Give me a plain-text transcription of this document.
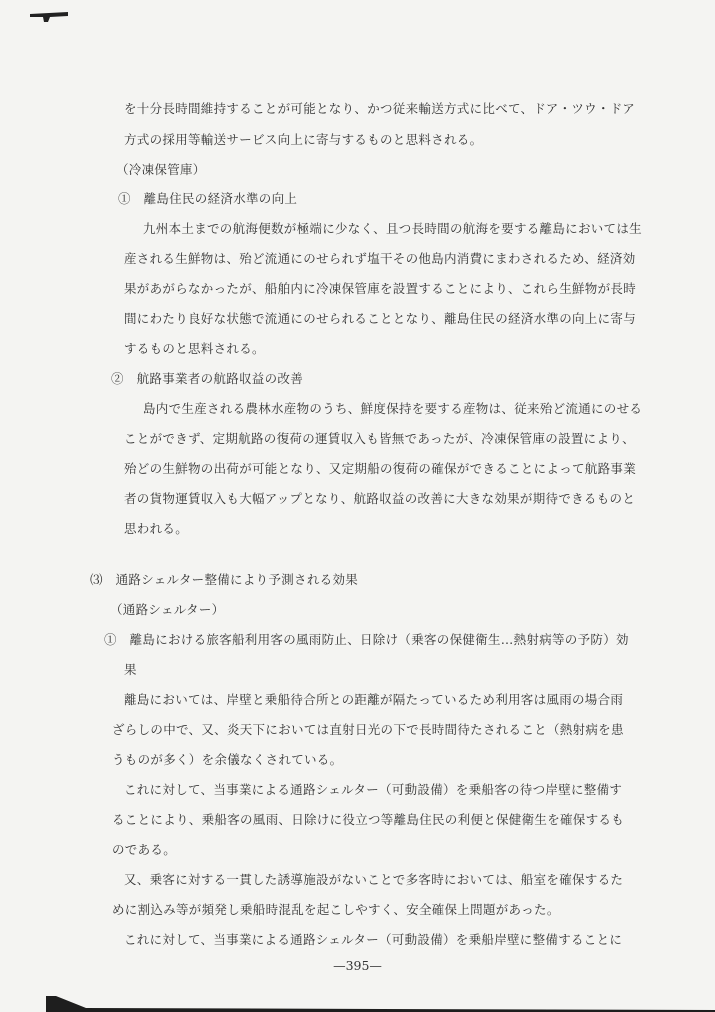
を十分長時間維持することが可能となり、かつ従来輸送方式に比べて、ドア・ツウ・ドア
方式の採用等輸送サービス向上に寄与するものと思料される。
（冷凍保管庫）
①　離島住民の経済水準の向上
九州本土までの航海便数が極端に少なく、且つ長時間の航海を要する離島においては生
産される生鮮物は、殆ど流通にのせられず塩干その他島内消費にまわされるため、経済効
果があがらなかったが、船舶内に冷凍保管庫を設置することにより、これら生鮮物が長時
間にわたり良好な状態で流通にのせられることとなり、離島住民の経済水準の向上に寄与
するものと思料される。
②　航路事業者の航路収益の改善
島内で生産される農林水産物のうち、鮮度保持を要する産物は、従来殆ど流通にのせる
ことができず、定期航路の復荷の運賃収入も皆無であったが、冷凍保管庫の設置により、
殆どの生鮮物の出荷が可能となり、又定期船の復荷の確保ができることによって航路事業
者の貨物運賃収入も大幅アップとなり、航路収益の改善に大きな効果が期待できるものと
思われる。
⑶　通路シェルター整備により予測される効果
（通路シェルター）
①　離島における旅客船利用客の風雨防止、日除け（乗客の保健衛生…熱射病等の予防）効
果
離島においては、岸壁と乗船待合所との距離が隔たっているため利用客は風雨の場合雨
ざらしの中で、又、炎天下においては直射日光の下で長時間待たされること（熱射病を患
うものが多く）を余儀なくされている。
これに対して、当事業による通路シェルター（可動設備）を乗船客の待つ岸壁に整備す
ることにより、乗船客の風雨、日除けに役立つ等離島住民の利便と保健衛生を確保するも
のである。
又、乗客に対する一貫した誘導施設がないことで多客時においては、船室を確保するた
めに割込み等が頻発し乗船時混乱を起こしやすく、安全確保上問題があった。
これに対して、当事業による通路シェルター（可動設備）を乗船岸壁に整備することに
—395—
